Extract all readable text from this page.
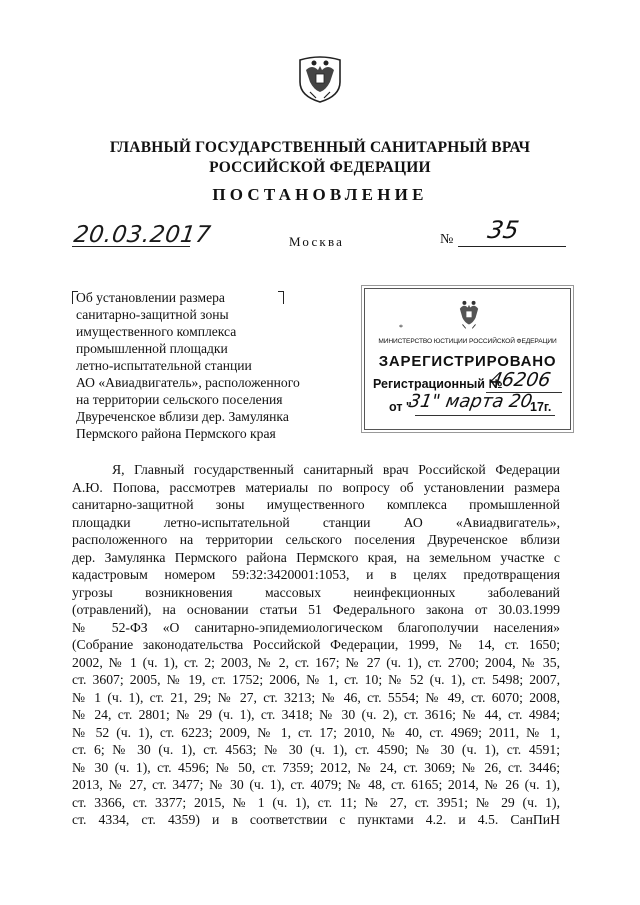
ГЛАВНЫЙ ГОСУДАРСТВЕННЫЙ САНИТАРНЫЙ ВРАЧ
РОССИЙСКОЙ ФЕДЕРАЦИИ
ПОСТАНОВЛЕНИЕ
20.03.2017	Москва	№ 35
Об установлении размера
санитарно-защитной зоны
имущественного комплекса
промышленной площадки
летно-испытательной станции
АО «Авиадвигатель», расположенного
на территории сельского поселения
Двуреченское вблизи дер. Замулянка
Пермского района Пермского края
*
МИНИСТЕРСТВО ЮСТИЦИИ РОССИЙСКОЙ ФЕДЕРАЦИИ
ЗАРЕГИСТРИРОВАНО
Регистрационный №
46206
от "
31" марта 20
17г.
Я, Главный государственный санитарный врач Российской Федерации
А.Ю. Попова, рассмотрев материалы по вопросу об установлении размера
санитарно-защитной зоны имущественного комплекса промышленной
площадки летно-испытательной станции АО «Авиадвигатель»,
расположенного на территории сельского поселения Двуреченское вблизи
дер. Замулянка Пермского района Пермского края, на земельном участке с
кадастровым номером 59:32:3420001:1053, и в целях предотвращения
угрозы возникновения массовых неинфекционных заболеваний
(отравлений), на основании статьи 51 Федерального закона от 30.03.1999
№ 52-ФЗ «О санитарно-эпидемиологическом благополучии населения»
(Собрание законодательства Российской Федерации, 1999, № 14, ст. 1650;
2002, № 1 (ч. 1), ст. 2; 2003, № 2, ст. 167; № 27 (ч. 1), ст. 2700; 2004, № 35,
ст. 3607; 2005, № 19, ст. 1752; 2006, № 1, ст. 10; № 52 (ч. 1), ст. 5498; 2007,
№ 1 (ч. 1), ст. 21, 29; № 27, ст. 3213; № 46, ст. 5554; № 49, ст. 6070; 2008,
№ 24, ст. 2801; № 29 (ч. 1), ст. 3418; № 30 (ч. 2), ст. 3616; № 44, ст. 4984;
№ 52 (ч. 1), ст. 6223; 2009, № 1, ст. 17; 2010, № 40, ст. 4969; 2011, № 1,
ст. 6; № 30 (ч. 1), ст. 4563; № 30 (ч. 1), ст. 4590; № 30 (ч. 1), ст. 4591;
№ 30 (ч. 1), ст. 4596; № 50, ст. 7359; 2012, № 24, ст. 3069; № 26, ст. 3446;
2013, № 27, ст. 3477; № 30 (ч. 1), ст. 4079; № 48, ст. 6165; 2014, № 26 (ч. 1),
ст. 3366, ст. 3377; 2015, № 1 (ч. 1), ст. 11; № 27, ст. 3951; № 29 (ч. 1),
ст. 4334, ст. 4359) и в соответствии с пунктами 4.2. и 4.5. СанПиН
